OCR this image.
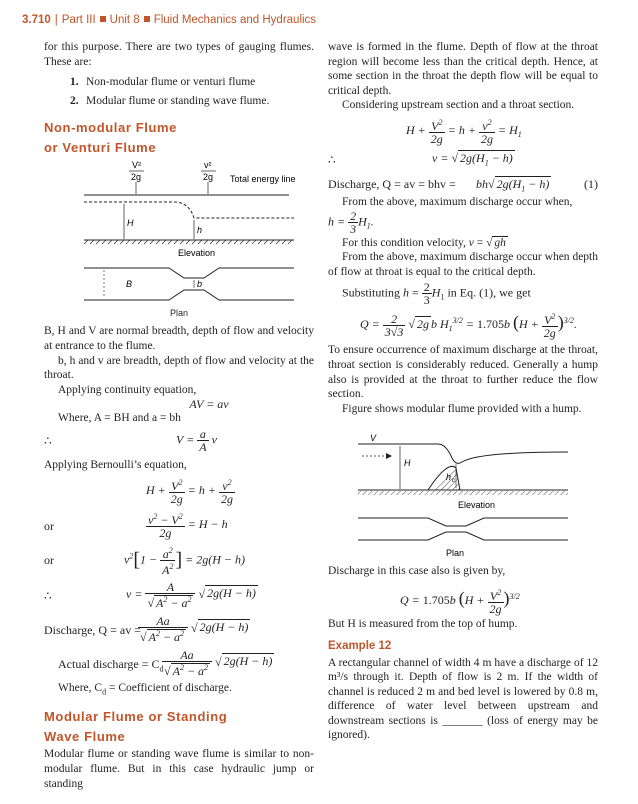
3.710 | Part III Unit 8 Fluid Mechanics and Hydraulics

for this purpose. There are two types of gauging flumes. These are:

1. Non-modular flume or venturi flume
2. Modular flume or standing wave flume.
Non-modular Flume
or Venturi Flume
V²
2g
v²
2g Total energy line
H
h
Elevation
B	b
Plan

B, H and V are normal breadth, depth of flow and velocity at entrance to the flume.

b, h and v are breadth, depth of flow and velocity at the throat.

Applying continuity equation,

AV = av

Where, A = BH and a = bh

∴	$V = \frac{a}{A}$ v

Applying Bernoulli’s equation,

$H + \frac{V^2}{2g} = h + \frac{v^2}{2g}$
or	$\frac{v^2 - V^2}{2g} = H - h$
or	$v^2[1 - \frac{a^2}{A^2}$ ] = 2g(H − h)
∴	$v = \frac{A}{√ A^2 - a^2}$ √ 2g(H − h)
Discharge, Q = av =
$\frac{Aa}{√ A^2 - a^2}$ √ 2g(H − h)
Actual discharge = $C_d$
$\frac{Aa}{√ A^2 - a^2}$ √ 2g(H − h)

Where, $C_d$ = Coefficient of discharge.

Modular Flume or Standing
Wave Flume

Modular flume or standing wave flume is similar to non-modular flume. But in this case hydraulic jump or standing

wave is formed in the flume. Depth of flow at the throat region will become less than the critical depth. Hence, at some section in the throat the depth flow will be equal to critical depth.

Considering upstream section and a throat section.

$H + \frac{V^2}{2g} = h + \frac{v^2}{2g} = H_1$
∴	v = √ $2g(H_1 - h)$
Discharge, Q = av = bhv = bh√ $2g(H_1 - h)$	(1)

From the above, maximum discharge occur when,

$h = \frac{2}{3} H_1$.

For this condition velocity, v = √ gh

From the above, maximum discharge occur when depth of flow at throat is equal to the critical depth.

Substituting $h = \frac{2}{3} H_1$ in Eq. (1), we get
$Q = \frac{2}{3√3}$ √ 2g b $H_1^{3/2} = 1.705b$ $(H + \frac{V^2}{2g} )^{3/2}$.

To ensure occurrence of maximum discharge at the throat, throat section is considerably reduced. Generally a hump also is provided at the throat to further reduce the flow section.

Figure shows modular flume provided with a hump.

V
H
h c
Elevation
Plan

Discharge in this case also is given by,

Q = 1.705b $(H + \frac{V^2}{2g} )^{3/2}$

But H is measured from the top of hump.

Example 12

A rectangular channel of width 4 m have a discharge of 12 m³/s through it. Depth of flow is 2 m. If the width of channel is reduced 2 m and bed level is lowered by 0.8 m, difference of water level between upstream and downstream sections is _______ (loss of energy may be ignored).
